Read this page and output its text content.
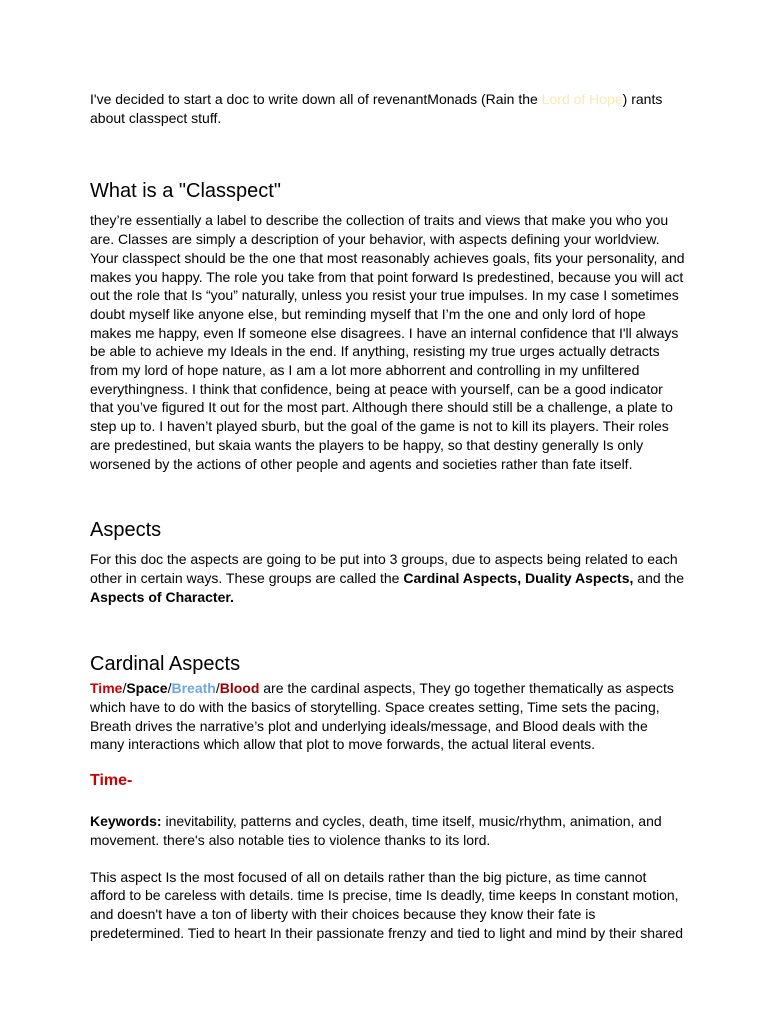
I've decided to start a doc to write down all of revenantMonads (Rain the Lord of Hope) rants about classpect stuff.

What is a "Classpect"

they’re essentially a label to describe the collection of traits and views that make you who you are. Classes are simply a description of your behavior, with aspects defining your worldview. Your classpect should be the one that most reasonably achieves goals, fits your personality, and makes you happy. The role you take from that point forward Is predestined, because you will act out the role that Is “you” naturally, unless you resist your true impulses. In my case I sometimes doubt myself like anyone else, but reminding myself that I’m the one and only lord of hope makes me happy, even If someone else disagrees. I have an internal confidence that I'll always be able to achieve my Ideals in the end. If anything, resisting my true urges actually detracts from my lord of hope nature, as I am a lot more abhorrent and controlling in my unfiltered everythingness. I think that confidence, being at peace with yourself, can be a good indicator that you’ve figured It out for the most part. Although there should still be a challenge, a plate to step up to. I haven’t played sburb, but the goal of the game is not to kill its players. Their roles are predestined, but skaia wants the players to be happy, so that destiny generally Is only worsened by the actions of other people and agents and societies rather than fate itself.

Aspects

For this doc the aspects are going to be put into 3 groups, due to aspects being related to each other in certain ways. These groups are called the Cardinal Aspects, Duality Aspects, and the Aspects of Character.

Cardinal Aspects

Time/Space/Breath/Blood are the cardinal aspects, They go together thematically as aspects which have to do with the basics of storytelling. Space creates setting, Time sets the pacing, Breath drives the narrative’s plot and underlying ideals/message, and Blood deals with the many interactions which allow that plot to move forwards, the actual literal events.

Time-

Keywords: inevitability, patterns and cycles, death, time itself, music/rhythm, animation, and movement. there's also notable ties to violence thanks to its lord.

This aspect Is the most focused of all on details rather than the big picture, as time cannot afford to be careless with details. time Is precise, time Is deadly, time keeps In constant motion, and doesn't have a ton of liberty with their choices because they know their fate is predetermined. Tied to heart In their passionate frenzy and tied to light and mind by their shared
